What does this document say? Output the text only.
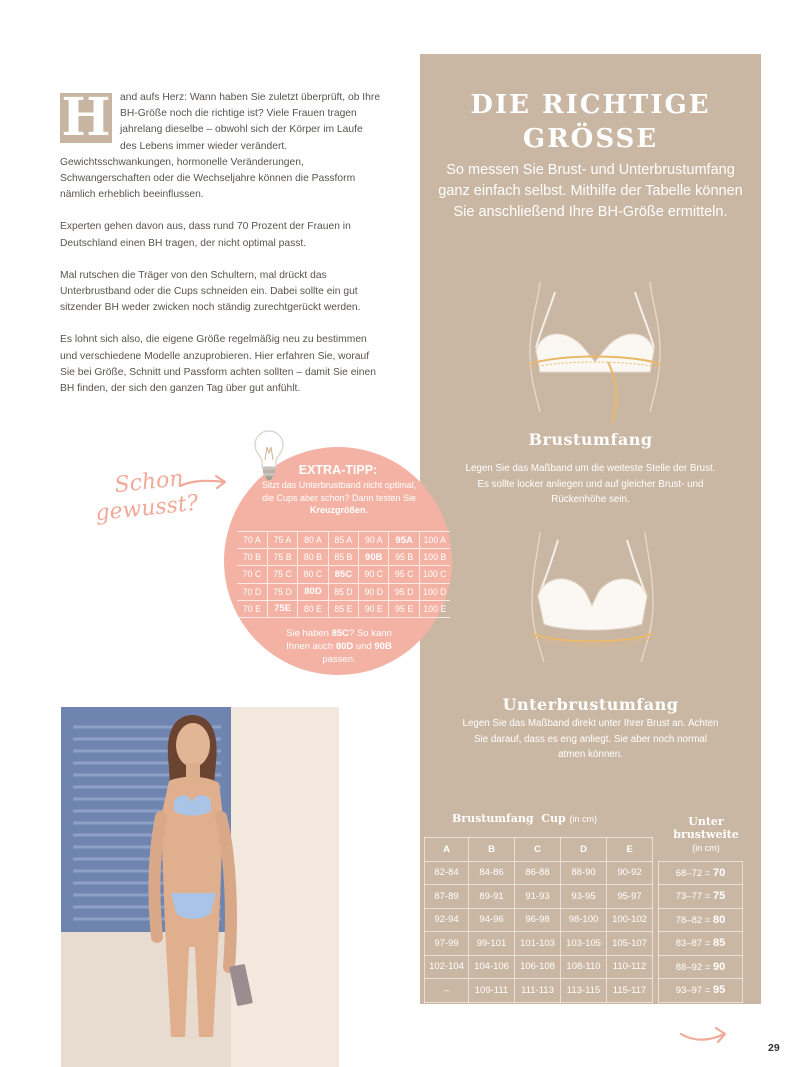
H and aufs Herz: Wann haben Sie zuletzt überprüft, ob Ihre BH-Größe noch die richtige ist? Viele Frauen tragen jahrelang dieselbe – obwohl sich der Körper im Laufe des Lebens immer wieder verändert. Gewichtsschwankungen, hormonelle Veränderungen, Schwangerschaften oder die Wechseljahre können die Passform nämlich erheblich beeinflussen.

Experten gehen davon aus, dass rund 70 Prozent der Frauen in Deutschland einen BH tragen, der nicht optimal passt.

Mal rutschen die Träger von den Schultern, mal drückt das Unterbrustband oder die Cups schneiden ein. Dabei sollte ein gut sitzender BH weder zwicken noch ständig zurechtgerückt werden.

Es lohnt sich also, die eigene Größe regelmäßig neu zu bestimmen und verschiedene Modelle anzuprobieren. Hier erfahren Sie, worauf Sie bei Größe, Schnitt und Passform achten sollten – damit Sie einen BH finden, der sich den ganzen Tag über gut anfühlt.

DIE RICHTIGE
GRÖSSE
So messen Sie Brust- und Unterbrustumfang ganz einfach selbst. Mithilfe der Tabelle können Sie anschließend Ihre BH-Größe ermitteln.
Brustumfang
Legen Sie das Maßband um die weiteste Stelle der Brust. Es sollte locker anliegen und auf gleicher Brust- und Rückenhöhe sein.
Unterbrustumfang
Legen Sie das Maßband direkt unter Ihrer Brust an. Achten Sie darauf, dass es eng anliegt. Sie aber noch normal atmen können.
Brustumfang Cup (in cm)	Unter
brustweite
(in cm)
A	B	C	D	E		
82-84	84-86	86-88	88-90	90-92		68–72 = 70
87-89	89-91	91-93	93-95	95-97		73–77 = 75
92-94	94-96	96-98	98-100	100-102		78–82 = 80
97-99	99-101	101-103	103-105	105-107		83–87 = 85
102-104	104-106	106-108	108-110	110-112		88–92 = 90
–	109-111	111-113	113-115	115-117		93–97 = 95
EXTRA-TIPP:
Sitzt das Unterbrustband nicht optimal, die Cups aber schon? Dann testen Sie Kreuzgrößen.
70 A	75 A	80 A	85 A	90 A	95A	100 A
70 B	75 B	80 B	85 B	90B	95 B	100 B
70 C	75 C	80 C	85C	90 C	95 C	100 C
70 D	75 D	80D	85 D	90 D	95 D	100 D
70 E	75E	80 E	85 E	90 E	95 E	100 E
Sie haben 85C? So kann Ihnen auch 80D und 90B passen.
Schon
gewusst?
29
